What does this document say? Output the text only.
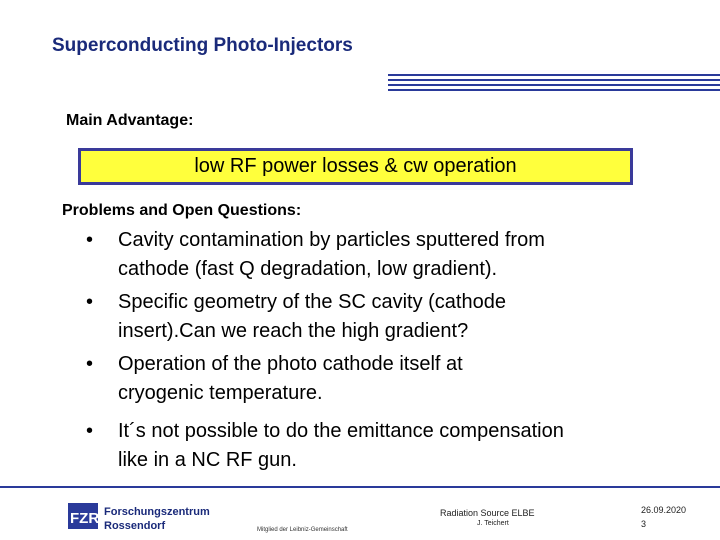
Superconducting Photo-Injectors
Main Advantage:
low RF power losses & cw operation
Problems and Open Questions:
• Cavity contamination by particles sputtered from
cathode (fast Q degradation, low gradient).
• Specific geometry of the SC cavity (cathode
insert).Can we reach the high gradient?
• Operation of the photo cathode itself at
cryogenic temperature.
• It´s not possible to do the emittance compensation
like in a NC RF gun.
FZR Forschungszentrum
Rossendorf	Mitglied der Leibniz-Gemeinschaft
Radiation Source ELBE
J. Teichert
26.09.2020
3
